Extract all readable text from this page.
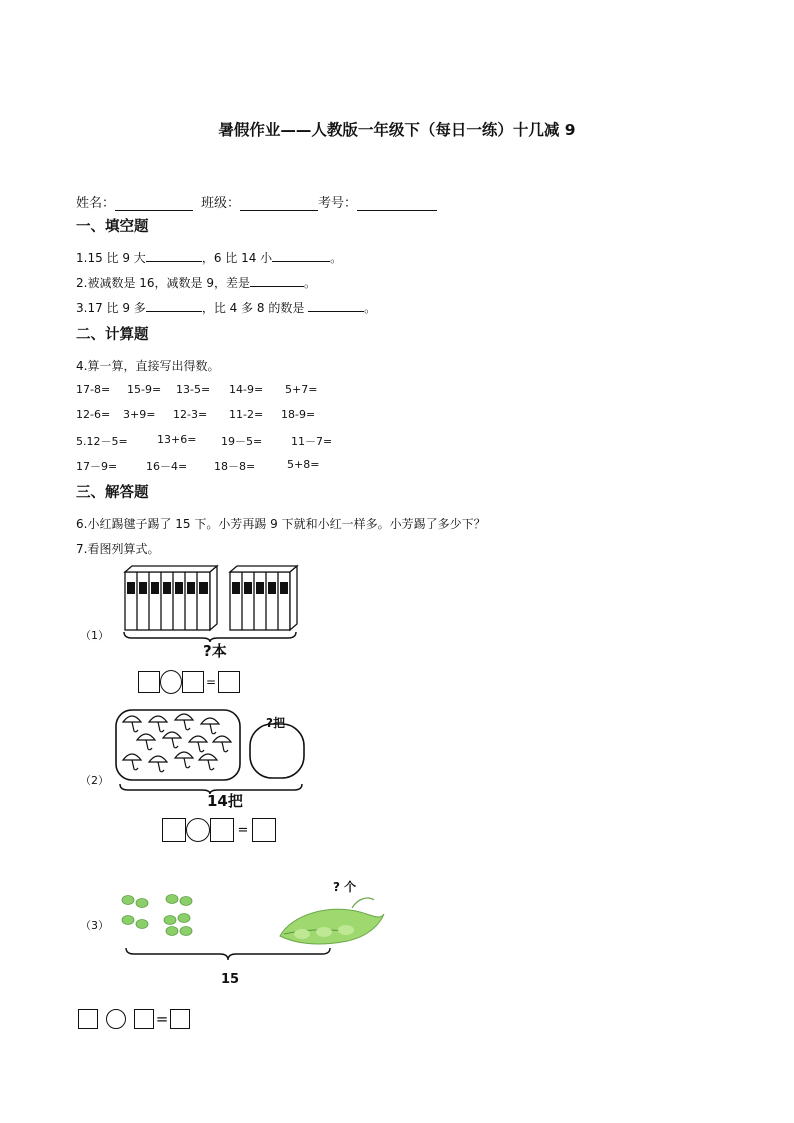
暑假作业——人教版一年级下（每日一练）十几减 9
姓名：	班级：	考号：
一、填空题
1.15 比 9 大	，6 比 14 小	。
2.被减数是 16，减数是 9，差是	。
3.17 比 9 多	，比 4 多 8 的数是	。
二、计算题
4.算一算，直接写出得数。
17-8= 15-9= 13-5= 14-9= 5+7=
12-6= 3+9= 12-3= 11-2= 18-9=
5.12－5=	13+6= 19－5=	11－7=
17－9=	16－4= 18－8=	5+8=
三、解答题
6.小红踢毽子踢了 15 下。小芳再踢 9 下就和小红一样多。小芳踢了多少下？
7.看图列算式。
（1）
?本
=
（2）
?把
14把
=
（3）
? 个
15
=
